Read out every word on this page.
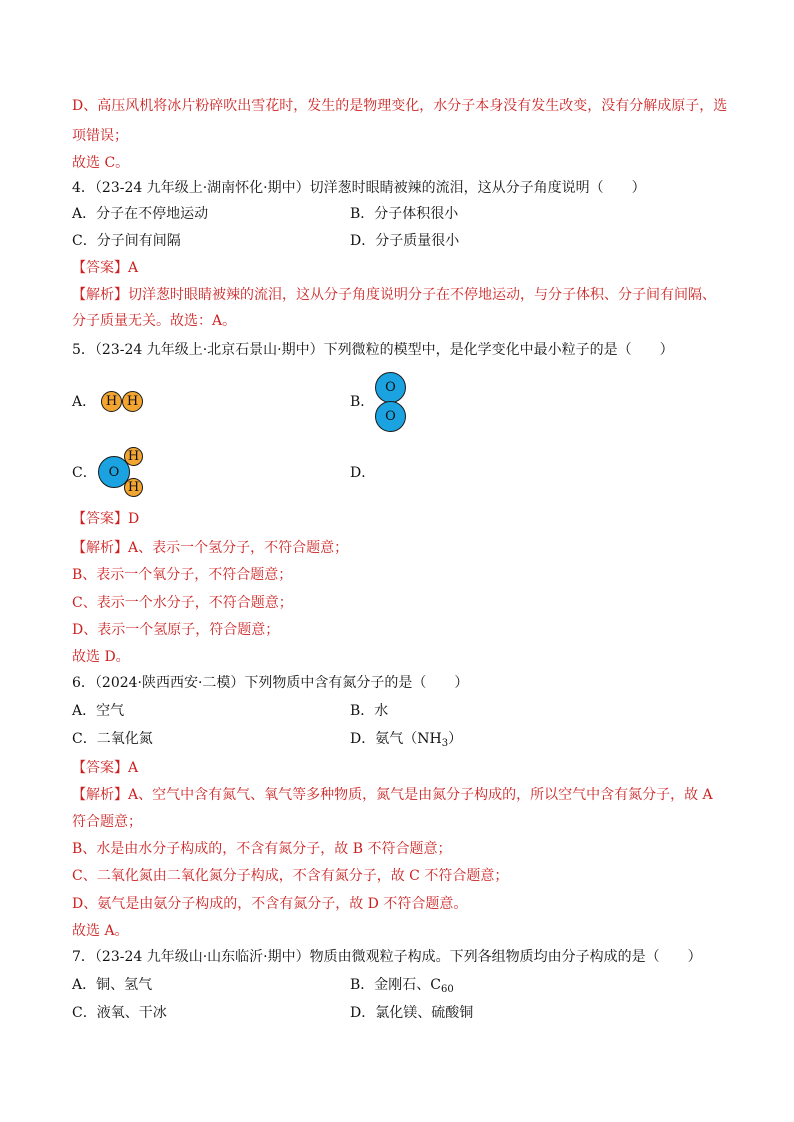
D、高压风机将冰片粉碎吹出雪花时，发生的是物理变化，水分子本身没有发生改变，没有分解成原子，选
项错误；
故选 C。
4．（23-24 九年级上·湖南怀化·期中）切洋葱时眼睛被辣的流泪，这从分子角度说明（　　）
A．分子在不停地运动	B．分子体积很小
C．分子间有间隔	D．分子质量很小
【答案】A
【解析】切洋葱时眼睛被辣的流泪，这从分子角度说明分子在不停地运动，与分子体积、分子间有间隔、
分子质量无关。故选：A。
5．（23-24 九年级上·北京石景山·期中）下列微粒的模型中，是化学变化中最小粒子的是（　　）
A． H H	B．
O
O
C．
H
O
H
D．
【答案】D
【解析】A、表示一个氢分子，不符合题意；
B、表示一个氧分子，不符合题意；
C、表示一个水分子，不符合题意；
D、表示一个氢原子，符合题意；
故选 D。
6．（2024·陕西西安·二模）下列物质中含有氮分子的是（　　）
A．空气	B．水
C．二氧化氮	D．氨气$(NH_3)$
【答案】A
【解析】A、空气中含有氮气、氧气等多种物质，氮气是由氮分子构成的，所以空气中含有氮分子，故 A
符合题意；
B、水是由水分子构成的，不含有氮分子，故 B 不符合题意；
C、二氧化氮由二氧化氮分子构成，不含有氮分子，故 C 不符合题意；
D、氨气是由氨分子构成的，不含有氮分子，故 D 不符合题意。
故选 A。
7．（23-24 九年级山·山东临沂·期中）物质由微观粒子构成。下列各组物质均由分子构成的是（　　）
A．铜、氢气	B．金刚石、$C_{60}$
C．液氧、干冰	D．氯化镁、硫酸铜
